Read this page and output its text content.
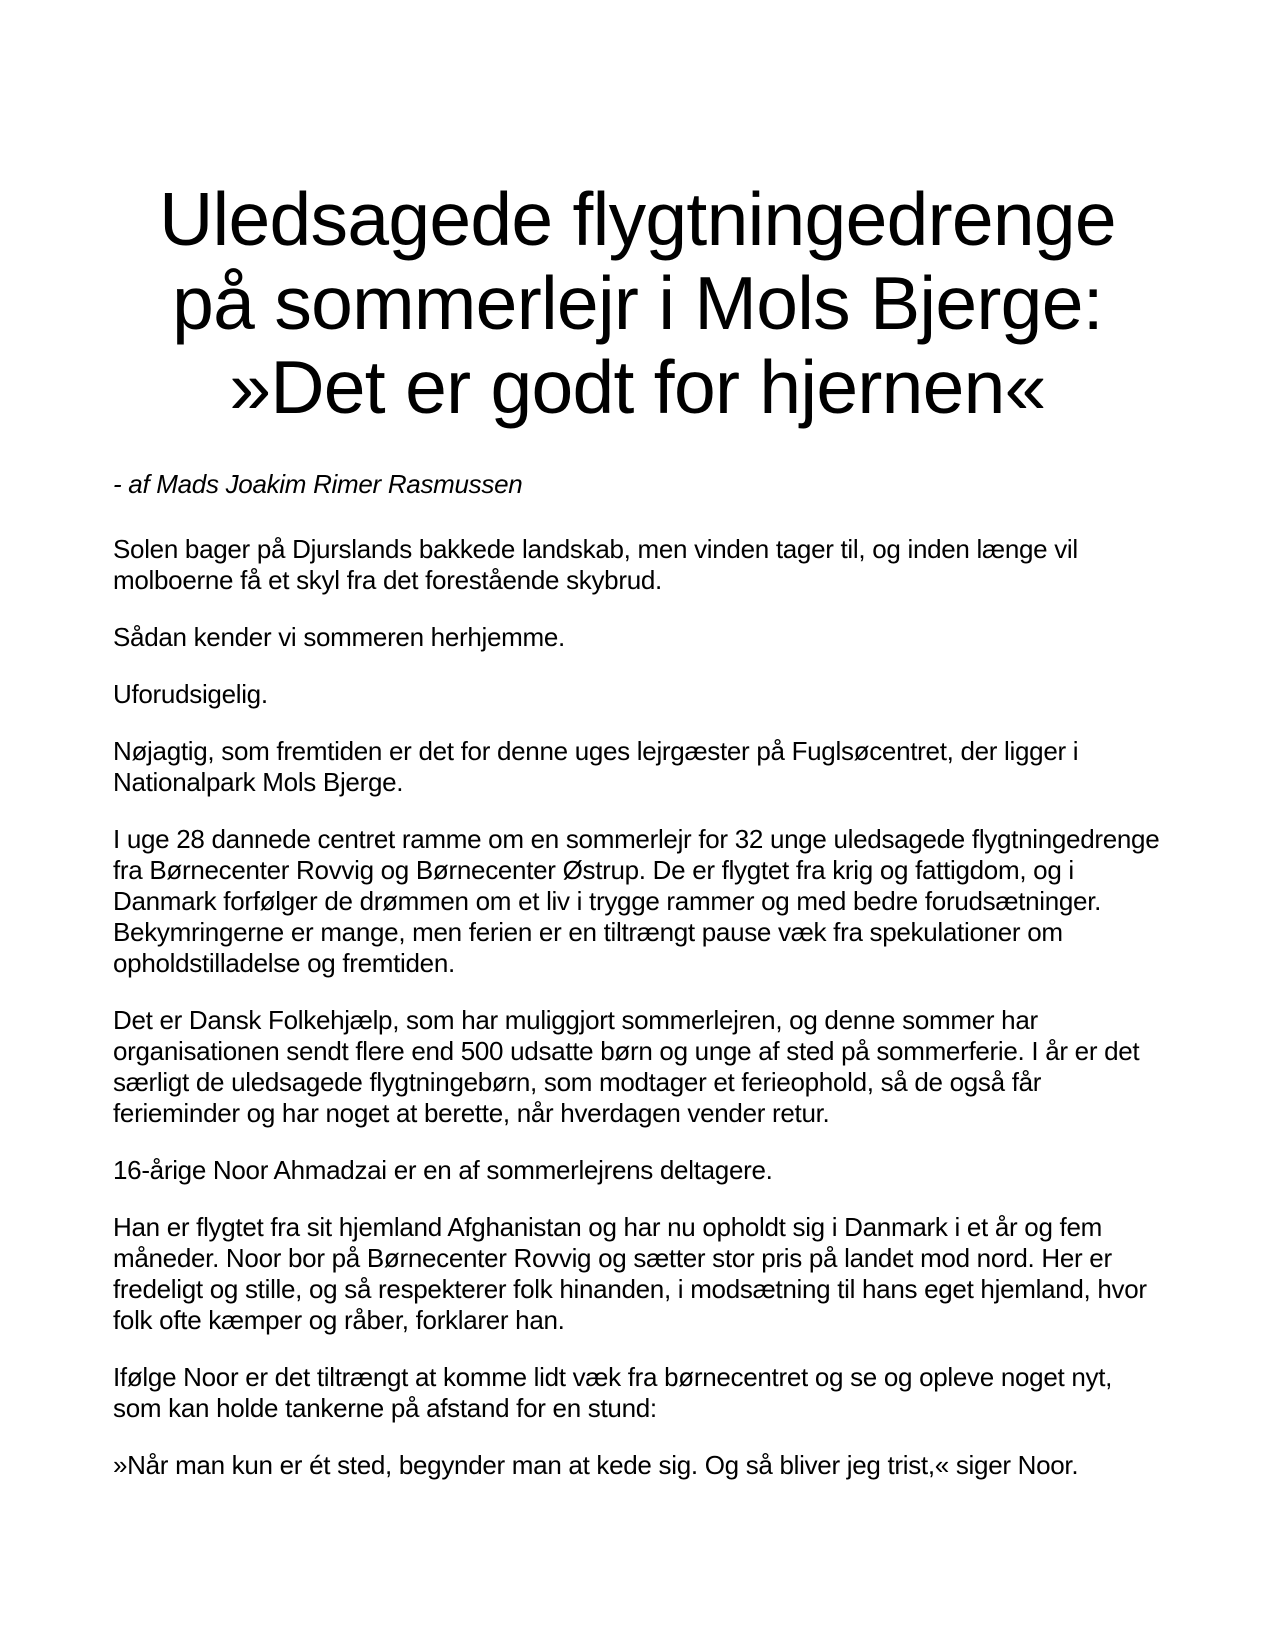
Uledsagede flygtningedrenge
på sommerlejr i Mols Bjerge:
»Det er godt for hjernen«

- af Mads Joakim Rimer Rasmussen

Solen bager på Djurslands bakkede landskab, men vinden tager til, og inden længe vil molboerne få et skyl fra det forestående skybrud.

Sådan kender vi sommeren herhjemme.

Uforudsigelig.

Nøjagtig, som fremtiden er det for denne uges lejrgæster på Fuglsøcentret, der ligger i Nationalpark Mols Bjerge.

I uge 28 dannede centret ramme om en sommerlejr for 32 unge uledsagede flygtningedrenge fra Børnecenter Rovvig og Børnecenter Østrup. De er flygtet fra krig og fattigdom, og i Danmark forfølger de drømmen om et liv i trygge rammer og med bedre forudsætninger. Bekymringerne er mange, men ferien er en tiltrængt pause væk fra spekulationer om opholdstilladelse og fremtiden.

Det er Dansk Folkehjælp, som har muliggjort sommerlejren, og denne sommer har organisationen sendt flere end 500 udsatte børn og unge af sted på sommerferie. I år er det særligt de uledsagede flygtningebørn, som modtager et ferieophold, så de også får ferieminder og har noget at berette, når hverdagen vender retur.

16-årige Noor Ahmadzai er en af sommerlejrens deltagere.

Han er flygtet fra sit hjemland Afghanistan og har nu opholdt sig i Danmark i et år og fem måneder. Noor bor på Børnecenter Rovvig og sætter stor pris på landet mod nord. Her er fredeligt og stille, og så respekterer folk hinanden, i modsætning til hans eget hjemland, hvor folk ofte kæmper og råber, forklarer han.

Ifølge Noor er det tiltrængt at komme lidt væk fra børnecentret og se og opleve noget nyt, som kan holde tankerne på afstand for en stund:

»Når man kun er ét sted, begynder man at kede sig. Og så bliver jeg trist,« siger Noor.
